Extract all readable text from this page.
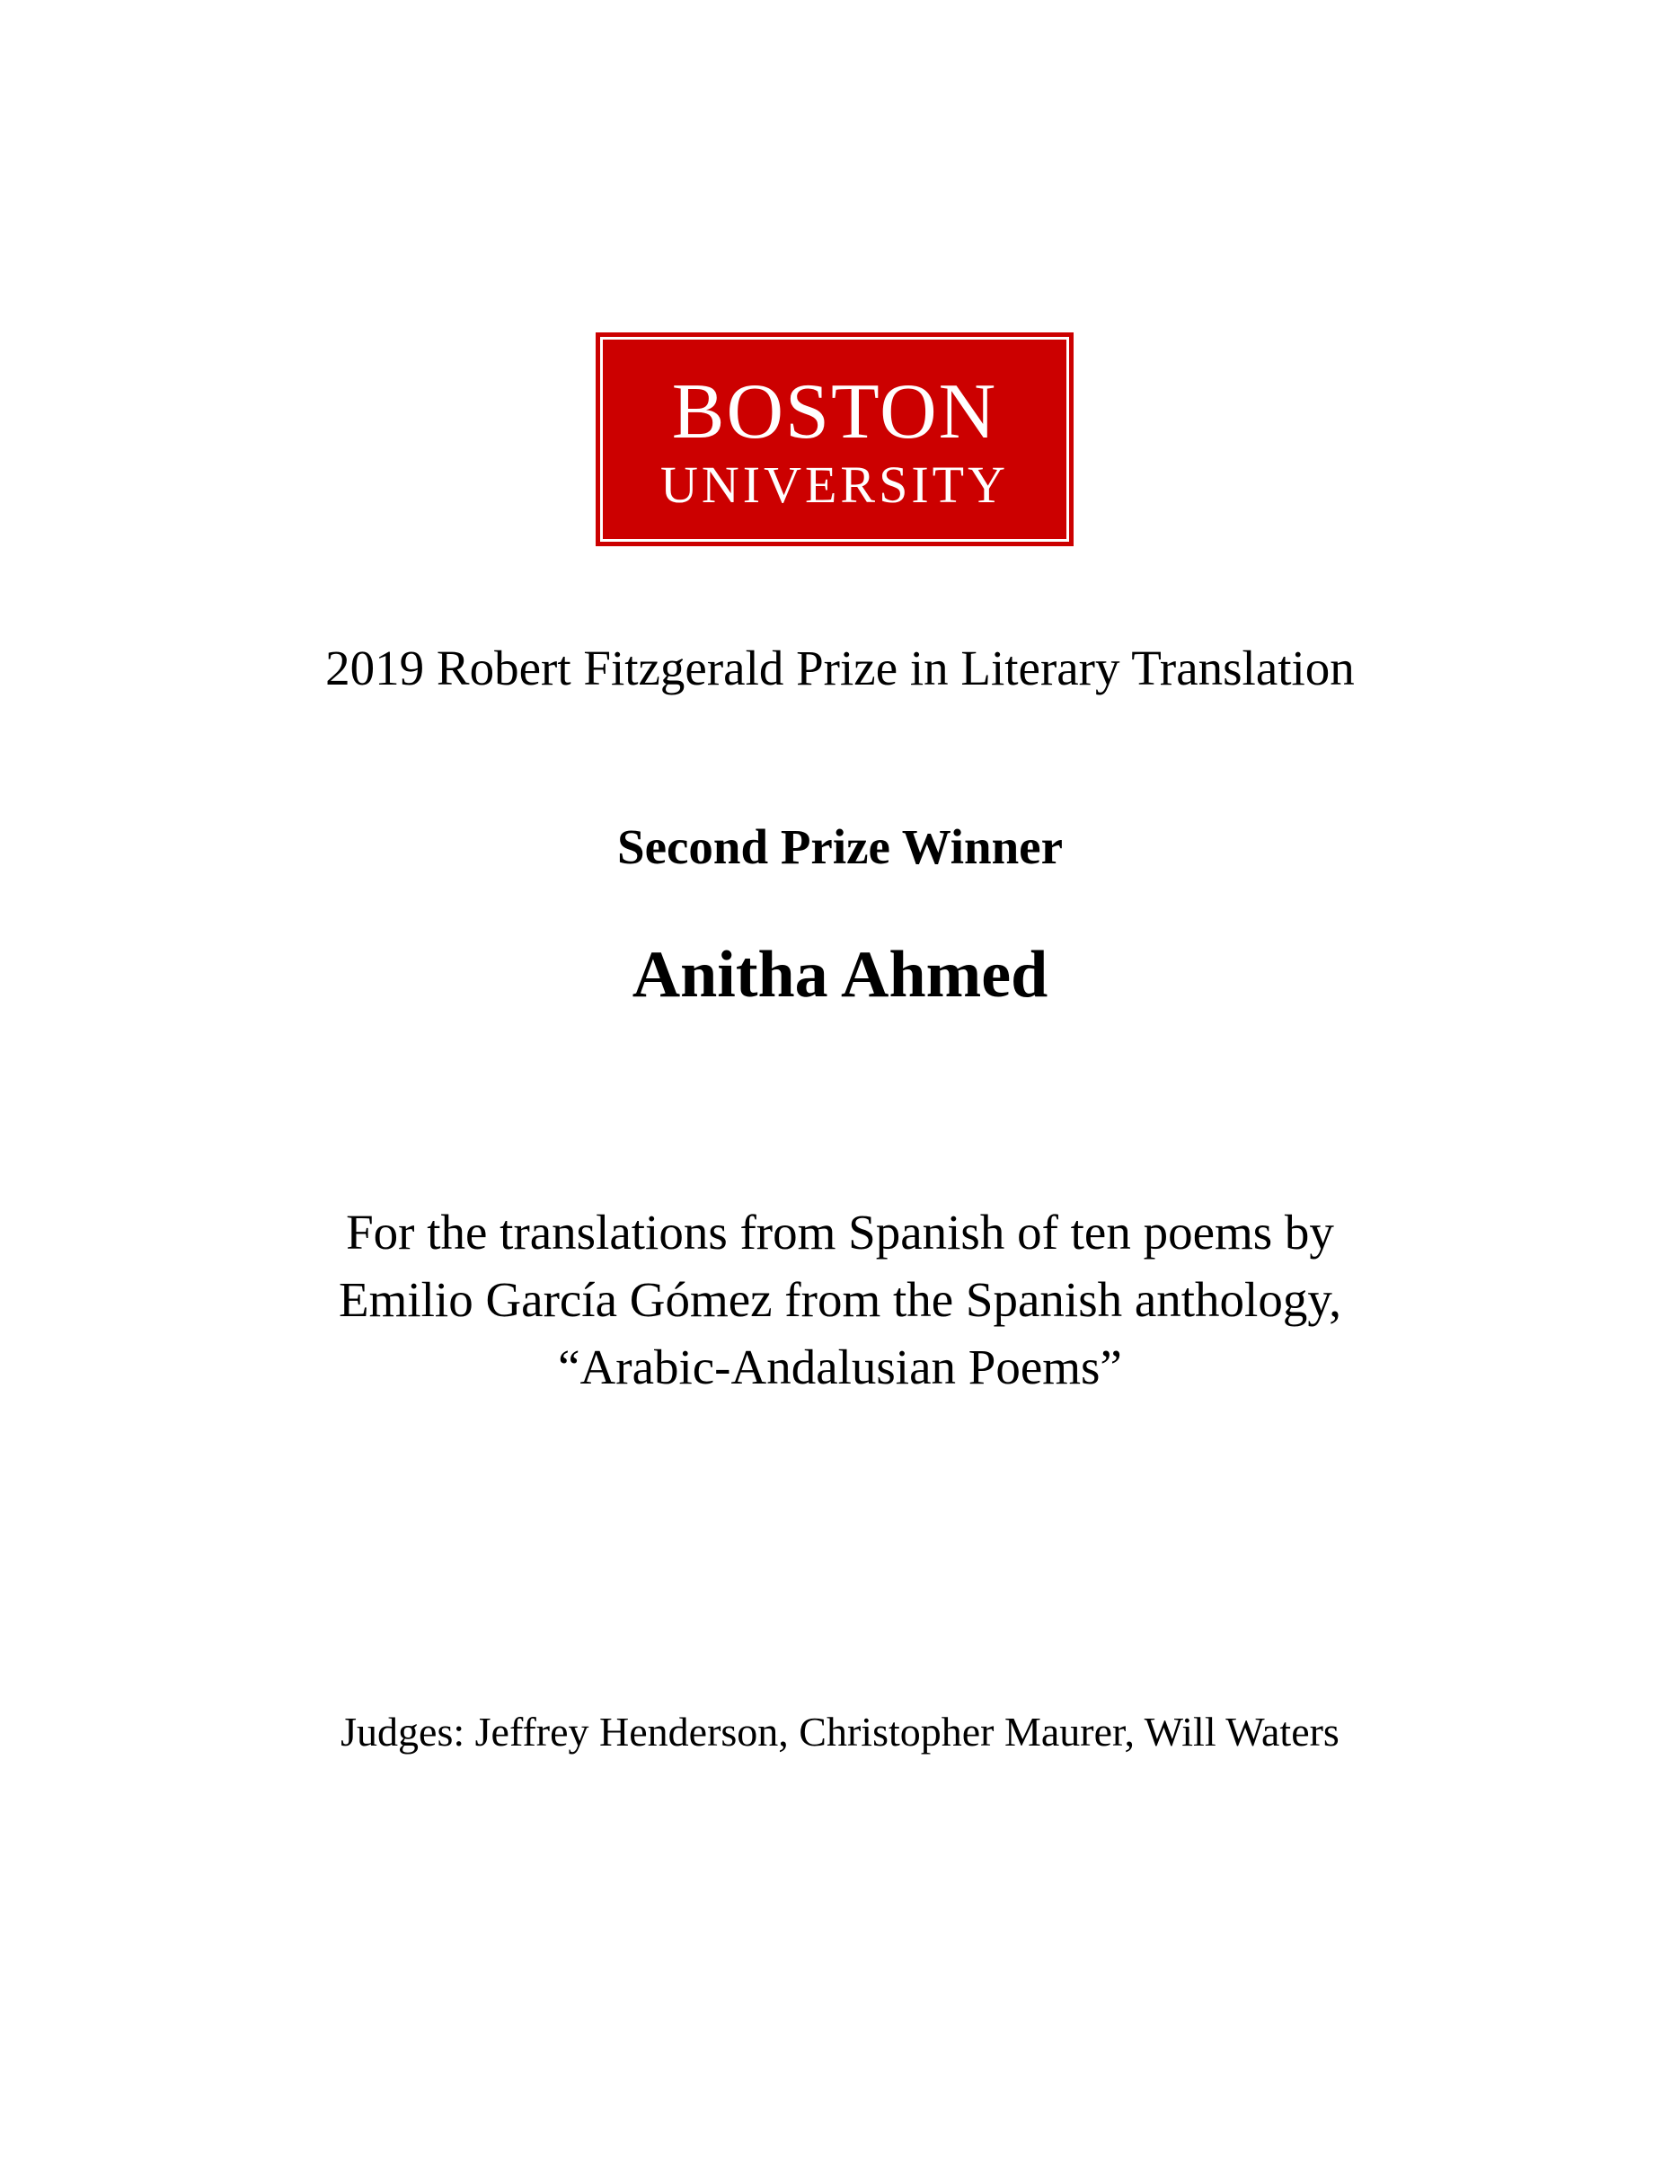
BOSTON
UNIVERSITY
2019 Robert Fitzgerald Prize in Literary Translation
Second Prize Winner
Anitha Ahmed
For the translations from Spanish of ten poems by
Emilio García Gómez from the Spanish anthology,
“Arabic-Andalusian Poems”
Judges: Jeffrey Henderson, Christopher Maurer, Will Waters
